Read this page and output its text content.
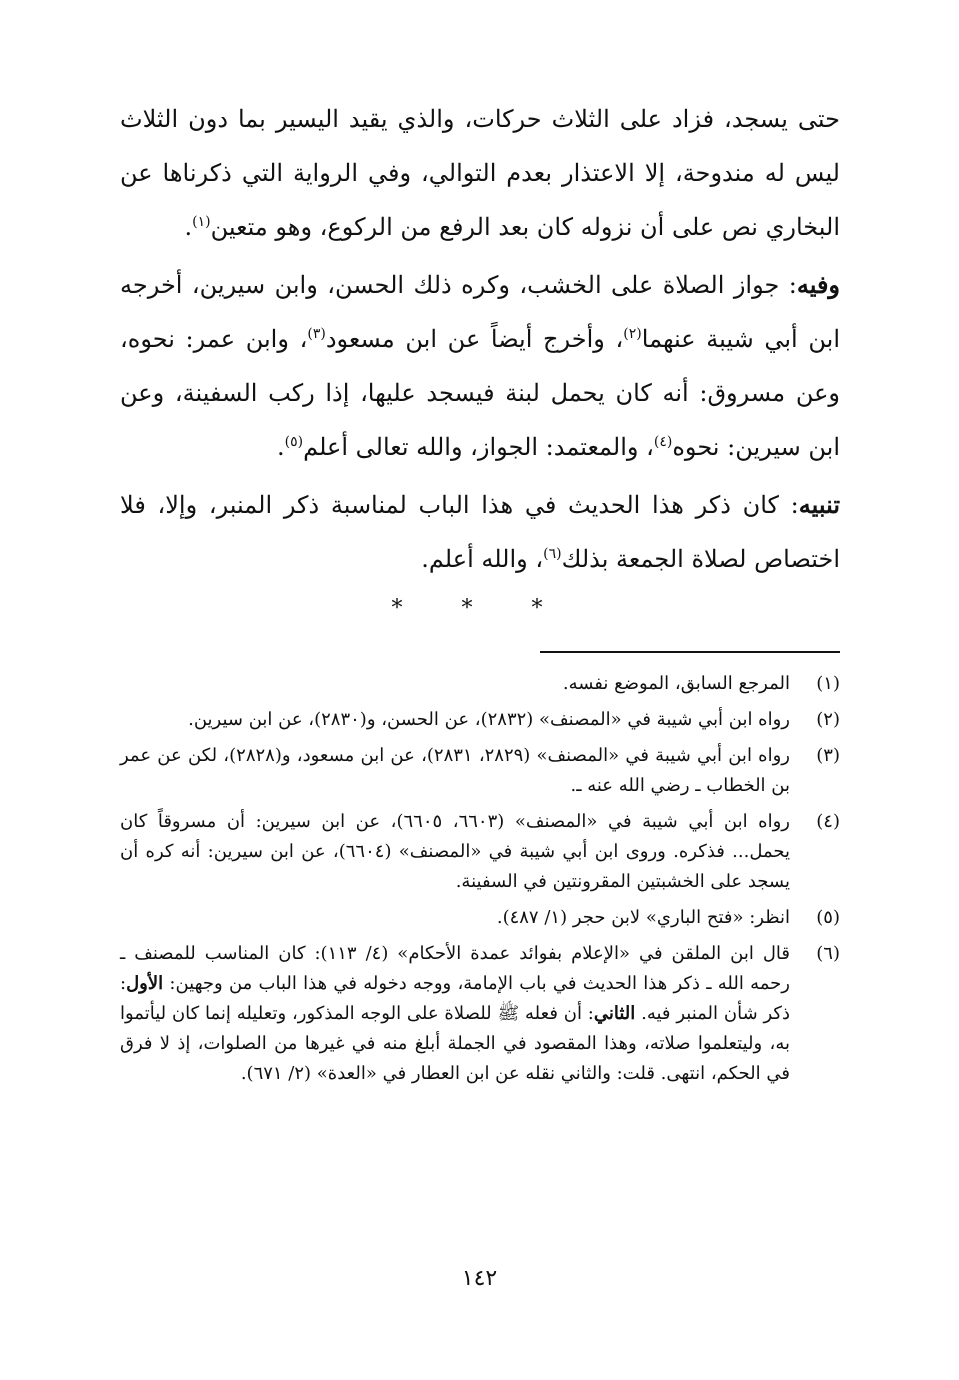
حتى يسجد، فزاد على الثلاث حركات، والذي يقيد اليسير بما دون الثلاث ليس له مندوحة، إلا الاعتذار بعدم التوالي، وفي الرواية التي ذكرناها عن البخاري نص على أن نزوله كان بعد الرفع من الركوع، وهو متعين$^{(١)}$.

وفيه: جواز الصلاة على الخشب، وكره ذلك الحسن، وابن سيرين، أخرجه ابن أبي شيبة عنهما$^{(٢)}$، وأخرج أيضاً عن ابن مسعود$^{(٣)}$، وابن عمر: نحوه، وعن مسروق: أنه كان يحمل لبنة فيسجد عليها، إذا ركب السفينة، وعن ابن سيرين: نحوه$^{(٤)}$، والمعتمد: الجواز، والله تعالى أعلم$^{(٥)}$.

تنبيه: كان ذكر هذا الحديث في هذا الباب لمناسبة ذكر المنبر، وإلا، فلا اختصاص لصلاة الجمعة بذلك$^{(٦)}$، والله أعلم.

* * *
(١)
المرجع السابق، الموضع نفسه.
(٢)
رواه ابن أبي شيبة في «المصنف» (٢٨٣٢)، عن الحسن، و(٢٨٣٠)، عن ابن سيرين.
(٣)
رواه ابن أبي شيبة في «المصنف» (٢٨٢٩، ٢٨٣١)، عن ابن مسعود، و(٢٨٢٨)، لكن عن عمر بن الخطاب ـ رضي الله عنه ـ.
(٤)
رواه ابن أبي شيبة في «المصنف» (٦٦٠٣، ٦٦٠٥)، عن ابن سيرين: أن مسروقاً كان يحمل... فذكره. وروى ابن أبي شيبة في «المصنف» (٦٦٠٤)، عن ابن سيرين: أنه كره أن يسجد على الخشبتين المقرونتين في السفينة.
(٥)
انظر: «فتح الباري» لابن حجر (١/ ٤٨٧).
(٦)
قال ابن الملقن في «الإعلام بفوائد عمدة الأحكام» (٤/ ١١٣): كان المناسب للمصنف ـ رحمه الله ـ ذكر هذا الحديث في باب الإمامة، ووجه دخوله في هذا الباب من وجهين: الأول: ذكر شأن المنبر فيه. الثاني: أن فعله ﷺ للصلاة على الوجه المذكور، وتعليله إنما كان ليأتموا به، وليتعلموا صلاته، وهذا المقصود في الجملة أبلغ منه في غيرها من الصلوات، إذ لا فرق في الحكم، انتهى. قلت: والثاني نقله عن ابن العطار في «العدة» (٢/ ٦٧١).
١٤٢
